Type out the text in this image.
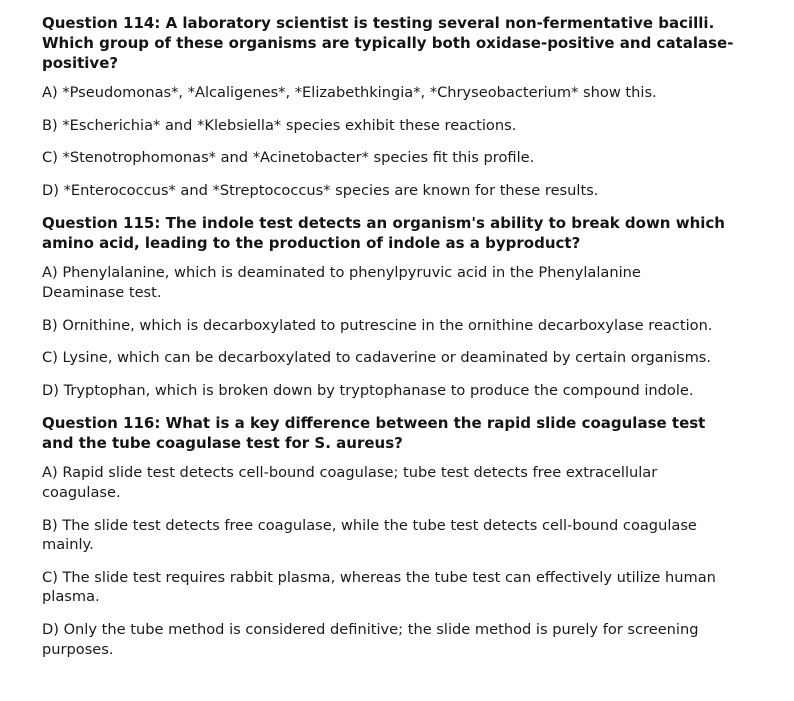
Question 114: A laboratory scientist is testing several non-fermentative bacilli. Which group of these organisms are typically both oxidase-positive and catalase-positive?
A) *Pseudomonas*, *Alcaligenes*, *Elizabethkingia*, *Chryseobacterium* show this.
B) *Escherichia* and *Klebsiella* species exhibit these reactions.
C) *Stenotrophomonas* and *Acinetobacter* species fit this profile.
D) *Enterococcus* and *Streptococcus* species are known for these results.
Question 115: The indole test detects an organism's ability to break down which amino acid, leading to the production of indole as a byproduct?
A) Phenylalanine, which is deaminated to phenylpyruvic acid in the Phenylalanine Deaminase test.
B) Ornithine, which is decarboxylated to putrescine in the ornithine decarboxylase reaction.
C) Lysine, which can be decarboxylated to cadaverine or deaminated by certain organisms.
D) Tryptophan, which is broken down by tryptophanase to produce the compound indole.
Question 116: What is a key difference between the rapid slide coagulase test and the tube coagulase test for S. aureus?
A) Rapid slide test detects cell-bound coagulase; tube test detects free extracellular coagulase.
B) The slide test detects free coagulase, while the tube test detects cell-bound coagulase mainly.
C) The slide test requires rabbit plasma, whereas the tube test can effectively utilize human plasma.
D) Only the tube method is considered definitive; the slide method is purely for screening purposes.
